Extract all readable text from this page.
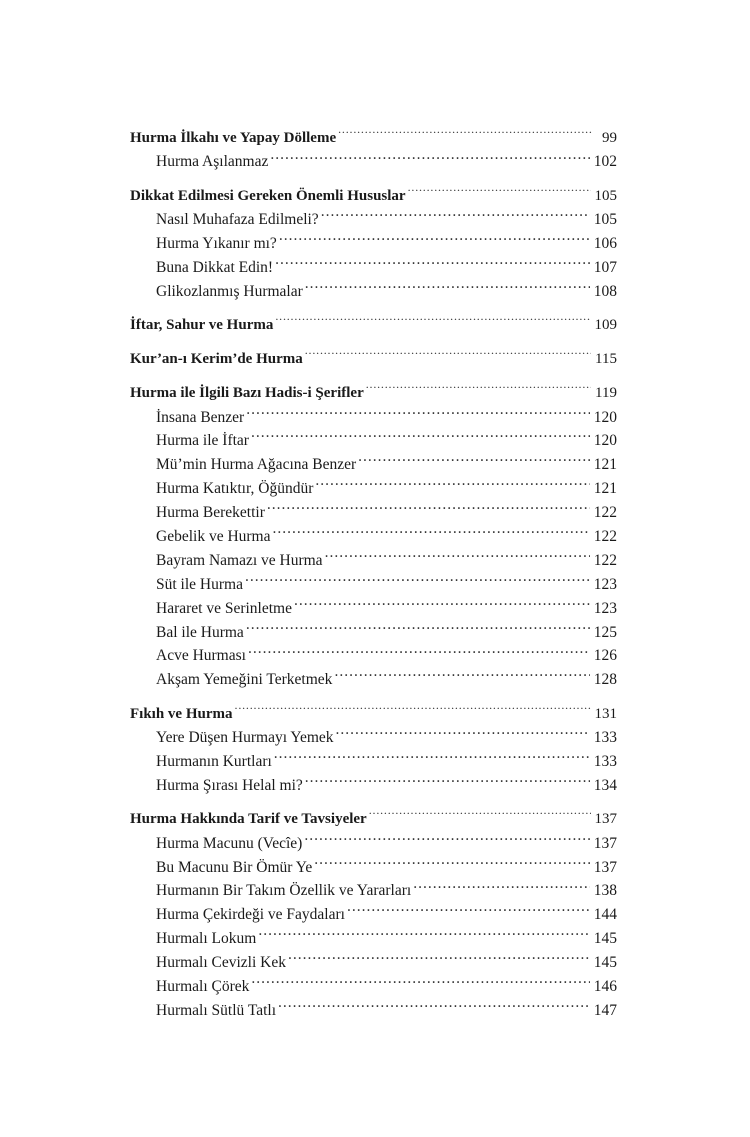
Hurma İlkahı ve Yapay Dölleme .....	99
Hurma Aşılanmaz .....	102
Dikkat Edilmesi Gereken Önemli Hususlar .....	105
Nasıl Muhafaza Edilmeli? .....	105
Hurma Yıkanır mı? .....	106
Buna Dikkat Edin! .....	107
Glikozlanmış Hurmalar .....	108
İftar, Sahur ve Hurma .....	109
Kur’an-ı Kerim’de Hurma .....	115
Hurma ile İlgili Bazı Hadis-i Şerifler .....	119
İnsana Benzer .....	120
Hurma ile İftar .....	120
Mü’min Hurma Ağacına Benzer .....	121
Hurma Katıktır, Öğündür .....	121
Hurma Berekettir .....	122
Gebelik ve Hurma .....	122
Bayram Namazı ve Hurma .....	122
Süt ile Hurma .....	123
Hararet ve Serinletme .....	123
Bal ile Hurma .....	125
Acve Hurması .....	126
Akşam Yemeğini Terketmek .....	128
Fıkıh ve Hurma .....	131
Yere Düşen Hurmayı Yemek .....	133
Hurmanın Kurtları .....	133
Hurma Şırası Helal mi? .....	134
Hurma Hakkında Tarif ve Tavsiyeler .....	137
Hurma Macunu (Vecîe) .....	137
Bu Macunu Bir Ömür Ye .....	137
Hurmanın Bir Takım Özellik ve Yararları .....	138
Hurma Çekirdeği ve Faydaları .....	144
Hurmalı Lokum .....	145
Hurmalı Cevizli Kek .....	145
Hurmalı Çörek .....	146
Hurmalı Sütlü Tatlı .....	147
